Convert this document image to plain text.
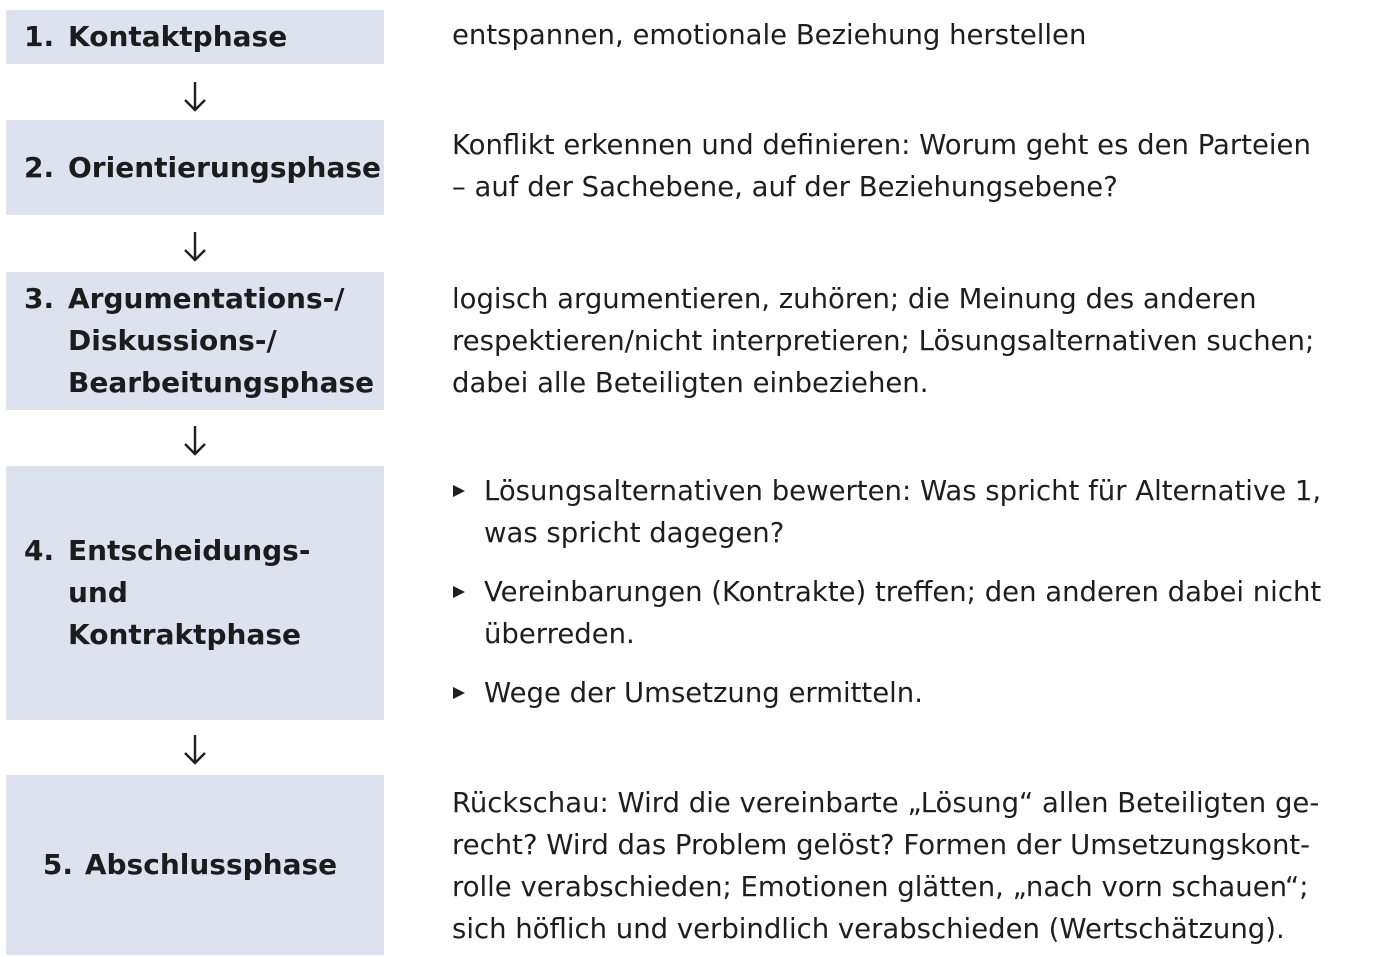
1. Kontaktphase	entspannen, emotionale Beziehung herstellen
2. Orientierungsphase
Konflikt erkennen und definieren: Worum geht es den Parteien
– auf der Sachebene, auf der Beziehungsebene?
3. Argumentations-/
Diskussions-/
Bearbeitungsphase
logisch argumentieren, zuhören; die Meinung des anderen
respektieren/nicht interpretieren; Lösungsalternativen suchen;
dabei alle Beteiligten einbeziehen.
4. Entscheidungs- und
Kontraktphase
Lösungsalternativen bewerten: Was spricht für Alternative 1,
was spricht dagegen?
Vereinbarungen (Kontrakte) treffen; den anderen dabei nicht
überreden.
Wege der Umsetzung ermitteln.
5. Abschlussphase
Rückschau: Wird die vereinbarte „Lösung“ allen Beteiligten ge-
recht? Wird das Problem gelöst? Formen der Umsetzungskont-
rolle verabschieden; Emotionen glätten, „nach vorn schauen“;
sich höflich und verbindlich verabschieden (Wertschätzung).
